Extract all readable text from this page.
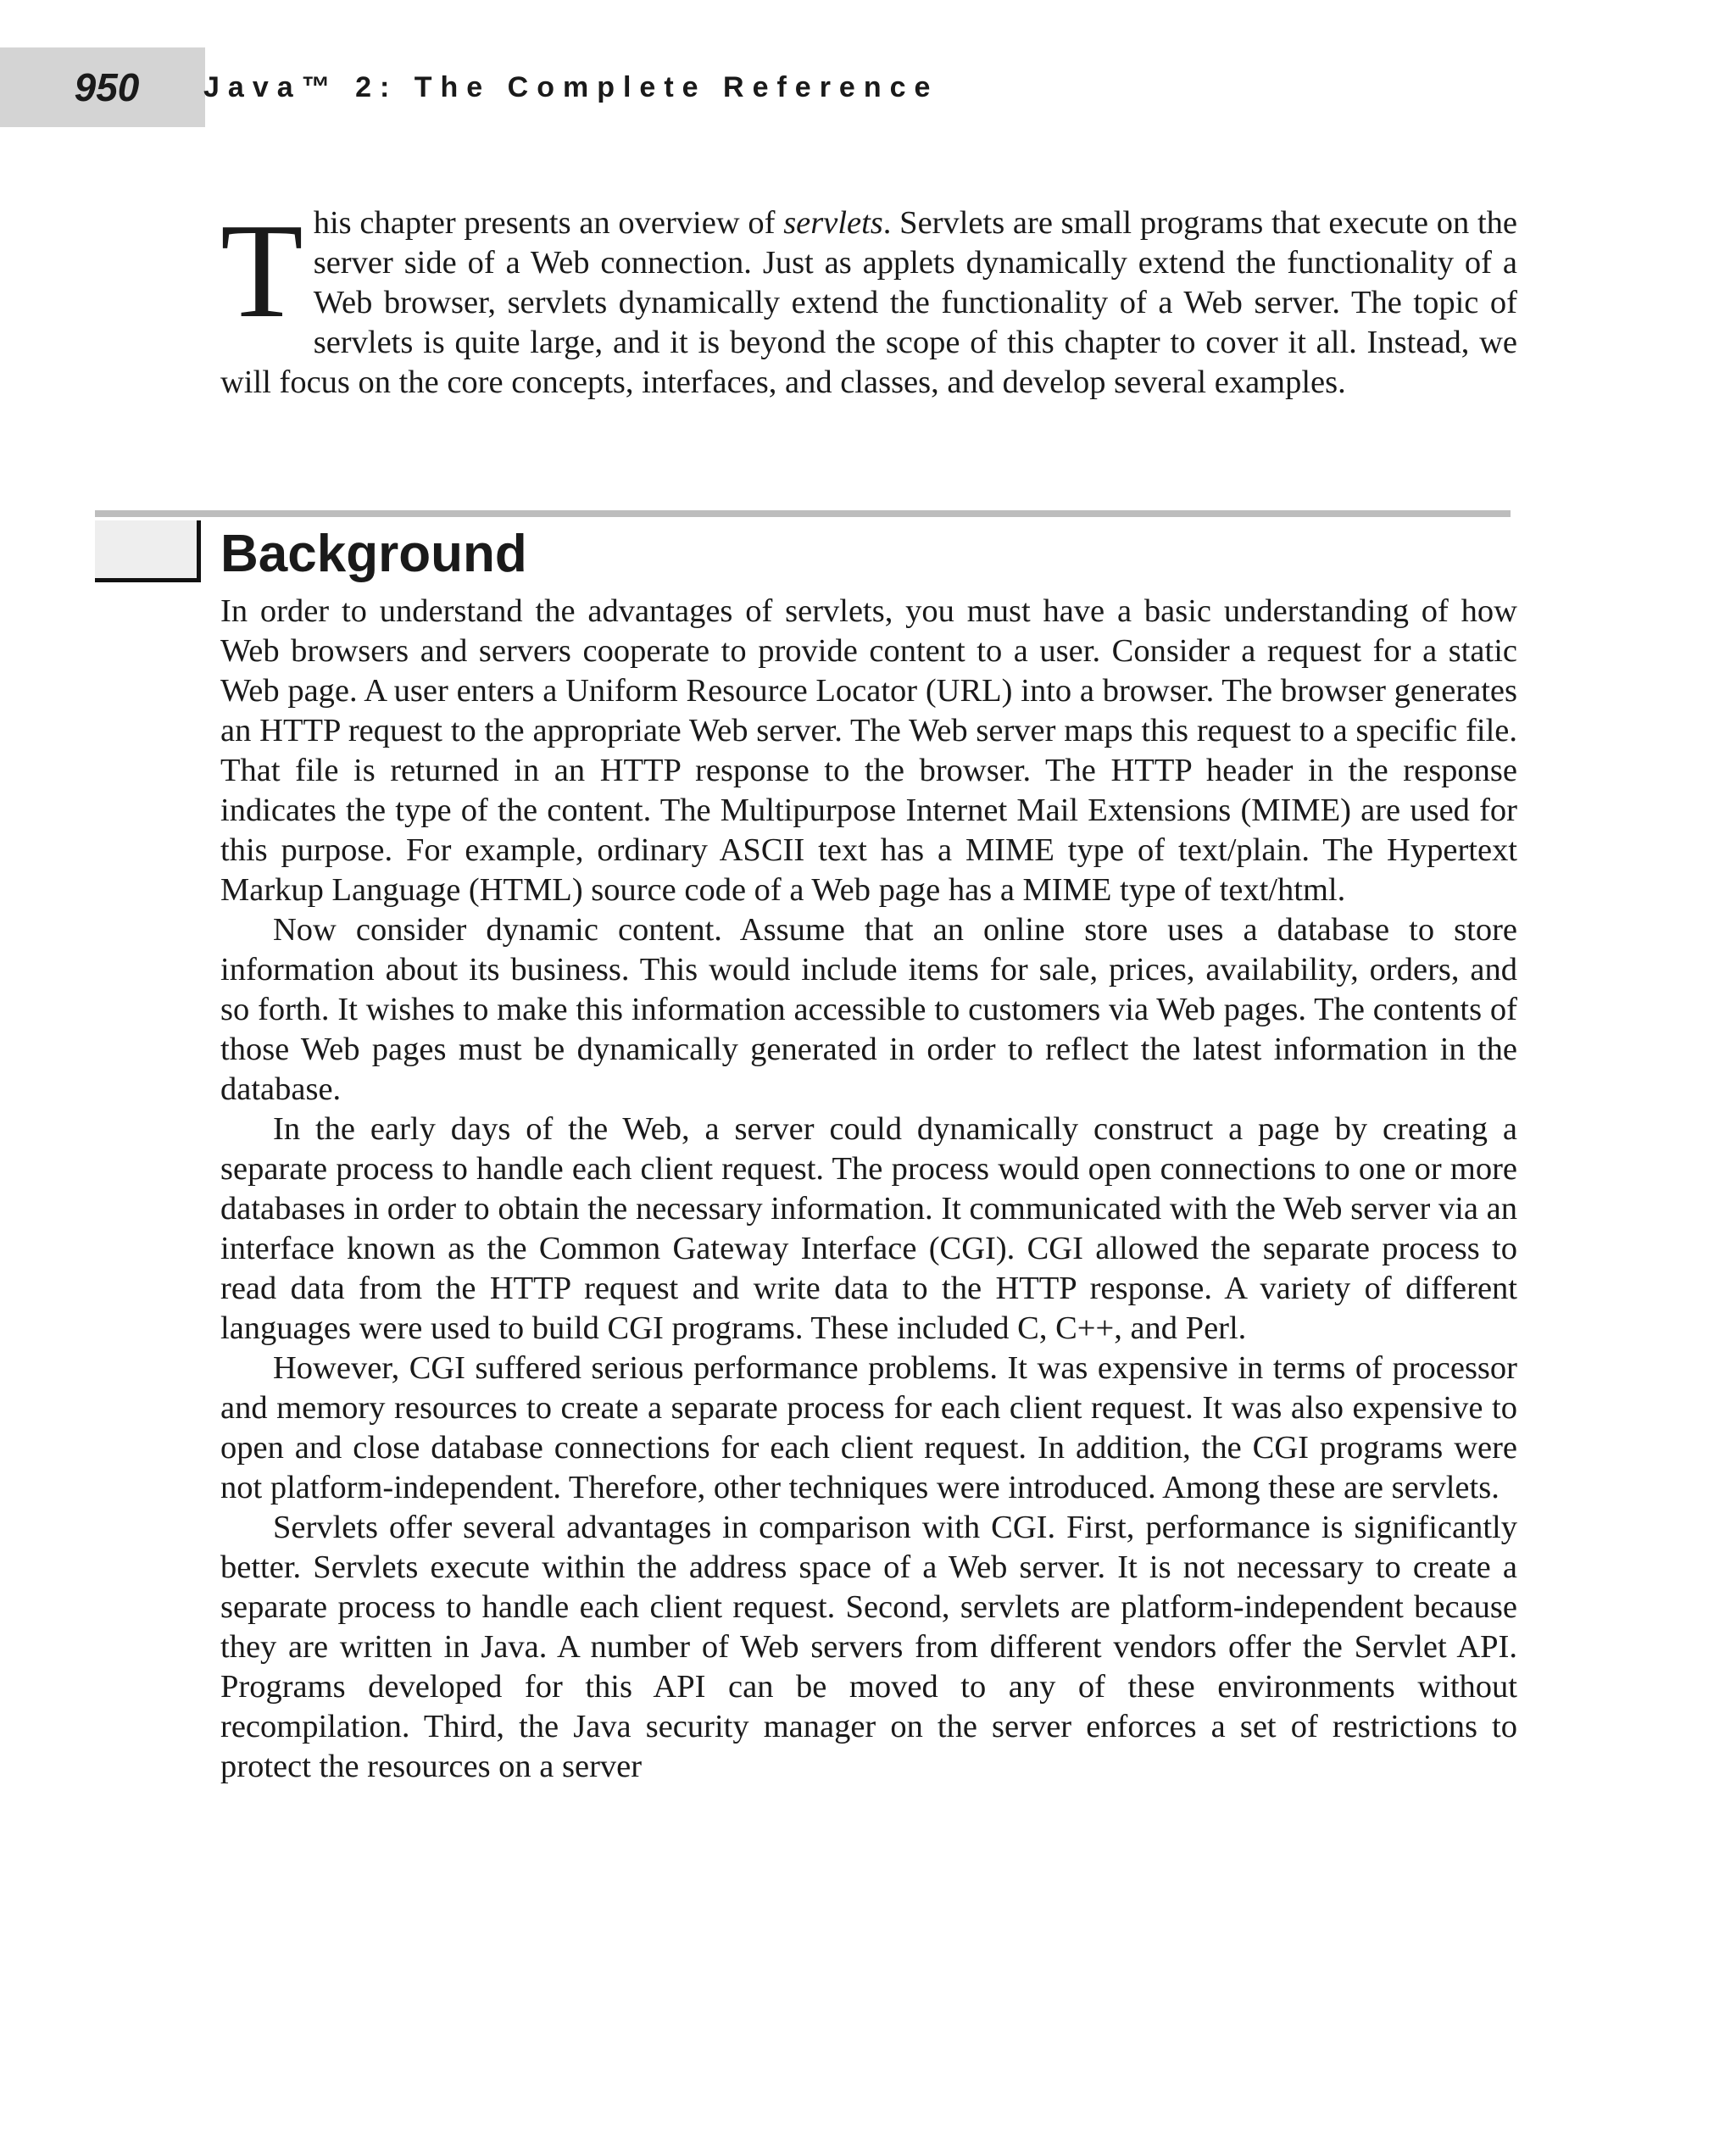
950 Java™ 2: The Complete Reference
This chapter presents an overview of servlets. Servlets are small programs that execute on the server side of a Web connection. Just as applets dynamically extend the functionality of a Web browser, servlets dynamically extend the functionality of a Web server. The topic of servlets is quite large, and it is beyond the scope of this chapter to cover it all. Instead, we will focus on the core concepts, interfaces, and classes, and develop several examples.
Background

In order to understand the advantages of servlets, you must have a basic understanding of how Web browsers and servers cooperate to provide content to a user. Consider a request for a static Web page. A user enters a Uniform Resource Locator (URL) into a browser. The browser generates an HTTP request to the appropriate Web server. The Web server maps this request to a specific file. That file is returned in an HTTP response to the browser. The HTTP header in the response indicates the type of the content. The Multipurpose Internet Mail Extensions (MIME) are used for this purpose. For example, ordinary ASCII text has a MIME type of text/plain. The Hypertext Markup Language (HTML) source code of a Web page has a MIME type of text/html.

Now consider dynamic content. Assume that an online store uses a database to store information about its business. This would include items for sale, prices, availability, orders, and so forth. It wishes to make this information accessible to customers via Web pages. The contents of those Web pages must be dynamically generated in order to reflect the latest information in the database.

In the early days of the Web, a server could dynamically construct a page by creating a separate process to handle each client request. The process would open connections to one or more databases in order to obtain the necessary information. It communicated with the Web server via an interface known as the Common Gateway Interface (CGI). CGI allowed the separate process to read data from the HTTP request and write data to the HTTP response. A variety of different languages were used to build CGI programs. These included C, C++, and Perl.

However, CGI suffered serious performance problems. It was expensive in terms of processor and memory resources to create a separate process for each client request. It was also expensive to open and close database connections for each client request. In addition, the CGI programs were not platform-independent. Therefore, other techniques were introduced. Among these are servlets.

Servlets offer several advantages in comparison with CGI. First, performance is significantly better. Servlets execute within the address space of a Web server. It is not necessary to create a separate process to handle each client request. Second, servlets are platform-independent because they are written in Java. A number of Web servers from different vendors offer the Servlet API. Programs developed for this API can be moved to any of these environments without recompilation. Third, the Java security manager on the server enforces a set of restrictions to protect the resources on a server
